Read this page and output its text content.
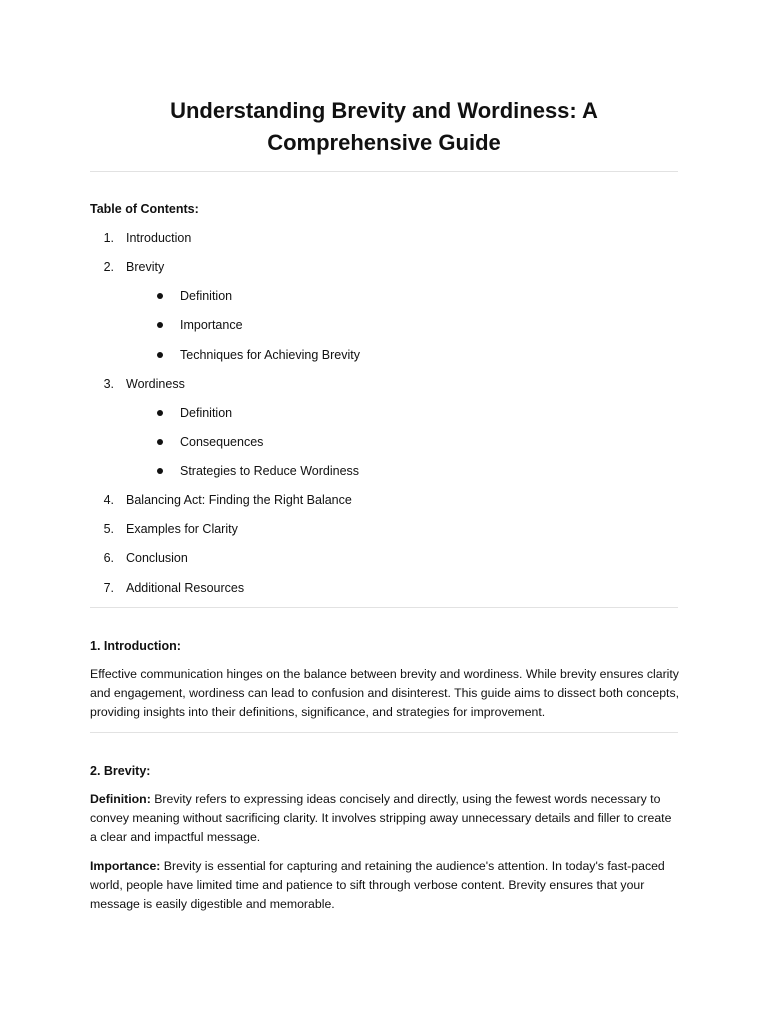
Understanding Brevity and Wordiness: A
Comprehensive Guide

Table of Contents:

1. Introduction
2. Brevity
Definition
Importance
Techniques for Achieving Brevity
3. Wordiness
Definition
Consequences
Strategies to Reduce Wordiness
4. Balancing Act: Finding the Right Balance
5. Examples for Clarity
6. Conclusion
7. Additional Resources

1. Introduction:

Effective communication hinges on the balance between brevity and wordiness. While brevity ensures clarity and engagement, wordiness can lead to confusion and disinterest. This guide aims to dissect both concepts, providing insights into their definitions, significance, and strategies for improvement.

2. Brevity:

Definition: Brevity refers to expressing ideas concisely and directly, using the fewest words necessary to convey meaning without sacrificing clarity. It involves stripping away unnecessary details and filler to create a clear and impactful message.

Importance: Brevity is essential for capturing and retaining the audience's attention. In today's fast-paced world, people have limited time and patience to sift through verbose content. Brevity ensures that your message is easily digestible and memorable.
